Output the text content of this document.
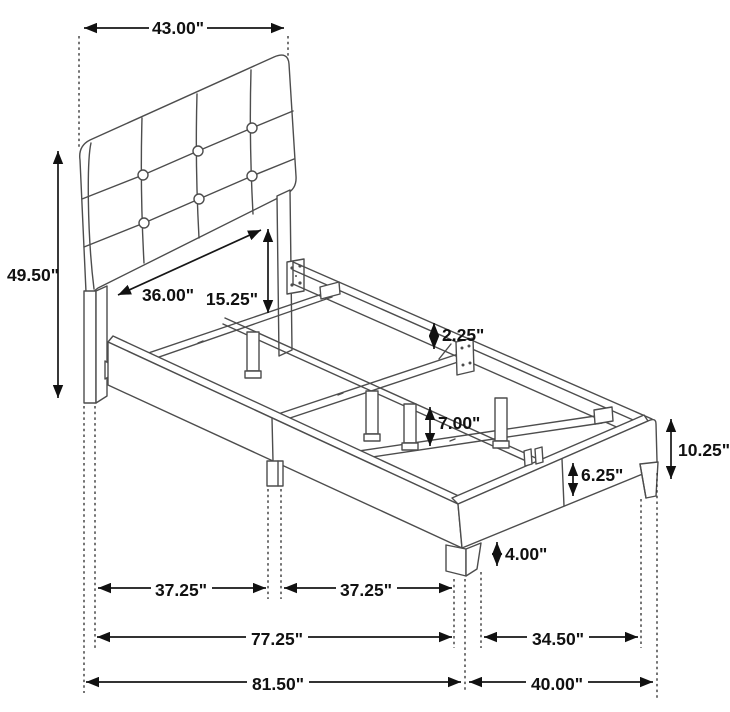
43.00"
49.50"
36.00" 15.25"
2.25"
7.00"
10.25"
6.25"
4.00"
37.25"	37.25"
77.25"	34.50"
81.50"	40.00"
